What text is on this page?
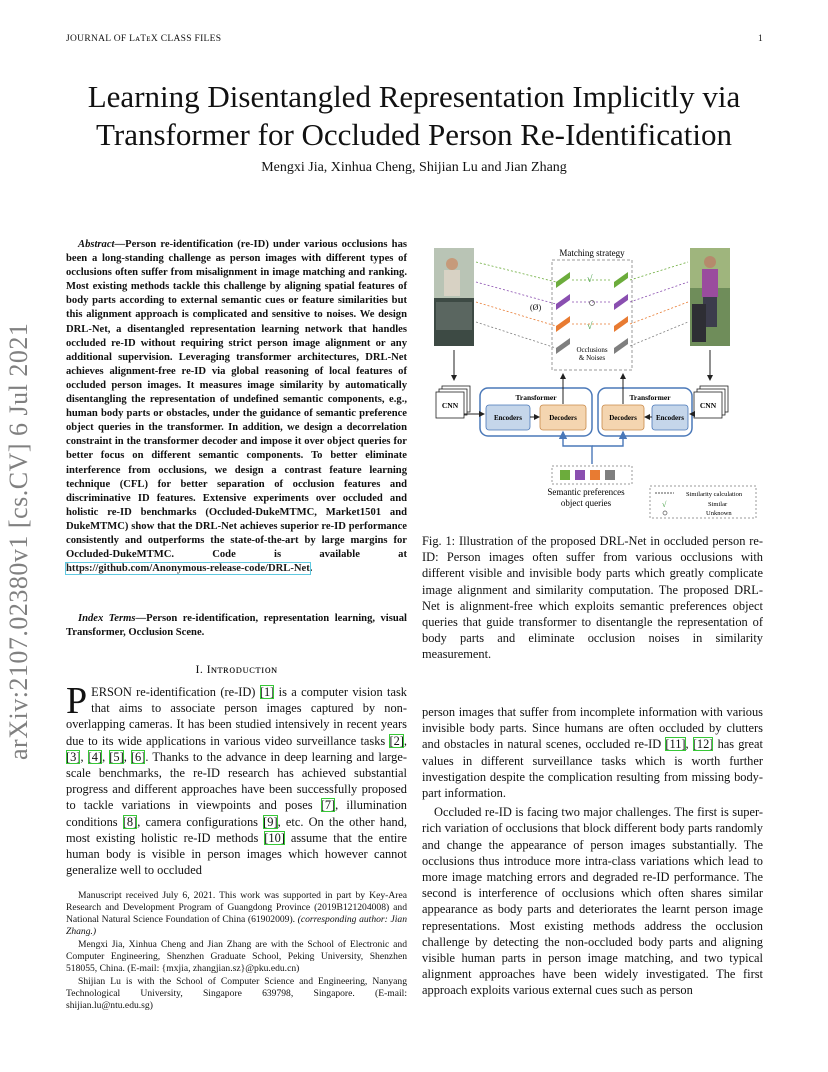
JOURNAL OF LᴀTᴇX CLASS FILES	1
arXiv:2107.02380v1 [cs.CV] 6 Jul 2021
Learning Disentangled Representation Implicitly via
Transformer for Occluded Person Re-Identification
Mengxi Jia, Xinhua Cheng, Shijian Lu and Jian Zhang
Abstract—Person re-identification (re-ID) under various occlusions has been a long-standing challenge as person images with different types of occlusions often suffer from misalignment in image matching and ranking. Most existing methods tackle this challenge by aligning spatial features of body parts according to external semantic cues or feature similarities but this alignment approach is complicated and sensitive to noises. We design DRL-Net, a disentangled representation learning network that handles occluded re-ID without requiring strict person image alignment or any additional supervision. Leveraging transformer architectures, DRL-Net achieves alignment-free re-ID via global reasoning of local features of occluded person images. It measures image similarity by automatically disentangling the representation of undefined semantic components, e.g., human body parts or obstacles, under the guidance of semantic preference object queries in the transformer. In addition, we design a decorrelation constraint in the transformer decoder and impose it over object queries for better focus on different semantic components. To better eliminate interference from occlusions, we design a contrast feature learning technique (CFL) for better separation of occlusion features and discriminative ID features. Extensive experiments over occluded and holistic re-ID benchmarks (Occluded-DukeMTMC, Market1501 and DukeMTMC) show that the DRL-Net achieves superior re-ID performance consistently and outperforms the state-of-the-art by large margins for Occluded-DukeMTMC. Code is available at https://github.com/Anonymous-release-code/DRL-Net.
Index Terms—Person re-identification, representation learning, visual Transformer, Occlusion Scene.
I. Iɴᴛʀᴏᴅᴜᴄᴛɪᴏɴ
PERSON re-identification (re-ID) [1] is a computer vision task that aims to associate person images captured by non-overlapping cameras. It has been studied intensively in recent years due to its wide applications in various video surveillance tasks [2], [3], [4], [5], [6]. Thanks to the advance in deep learning and large-scale benchmarks, the re-ID research has achieved substantial progress and different approaches have been successfully proposed to tackle variations in viewpoints and poses [7], illumination conditions [8], camera configurations [9], etc. On the other hand, most existing holistic re-ID methods [10] assume that the entire human body is visible in person images which however cannot generalize well to occluded

Manuscript received July 6, 2021. This work was supported in part by Key-Area Research and Development Program of Guangdong Province (2019B121204008) and National Natural Science Foundation of China (61902009). (corresponding author: Jian Zhang.)

Mengxi Jia, Xinhua Cheng and Jian Zhang are with the School of Electronic and Computer Engineering, Shenzhen Graduate School, Peking University, Shenzhen 518055, China. (E-mail: {mxjia, zhangjian.sz}@pku.edu.cn)

Shijian Lu is with the School of Computer Science and Engineering, Nanyang Technological University, Singapore 639798, Singapore. (E-mail: shijian.lu@ntu.edu.sg)

Matching strategy
(Ø)
√
√
Occlusions
& Noises
CNN	CNN
Transformer
Encoders	Decoders
Transformer
Decoders	Encoders
Semantic preferences
object queries
Similarity calculation
√	Similar
Unknown
Fig. 1: Illustration of the proposed DRL-Net in occluded person re-ID: Person images often suffer from various occlusions with different visible and invisible body parts which greatly complicate image alignment and similarity computation. The proposed DRL-Net is alignment-free which exploits semantic preferences object queries that guide transformer to disentangle the representation of body parts and eliminate occlusion noises in similarity measurement.

person images that suffer from incomplete information with various invisible body parts. Since humans are often occluded by clutters and obstacles in natural scenes, occluded re-ID [11], [12] has great values in different surveillance tasks which is worth further investigation despite the complication resulting from missing body-part information.

Occluded re-ID is facing two major challenges. The first is super-rich variation of occlusions that block different body parts randomly and change the appearance of person images substantially. The occlusions thus introduce more intra-class variations which lead to more image matching errors and degraded re-ID performance. The second is interference of occlusions which often shares similar appearance as body parts and deteriorates the learnt person image representations. Most existing methods address the occlusion challenge by detecting the non-occluded body parts and aligning visible human parts in person image matching, and two typical alignment approaches have been widely investigated. The first approach exploits various external cues such as person
